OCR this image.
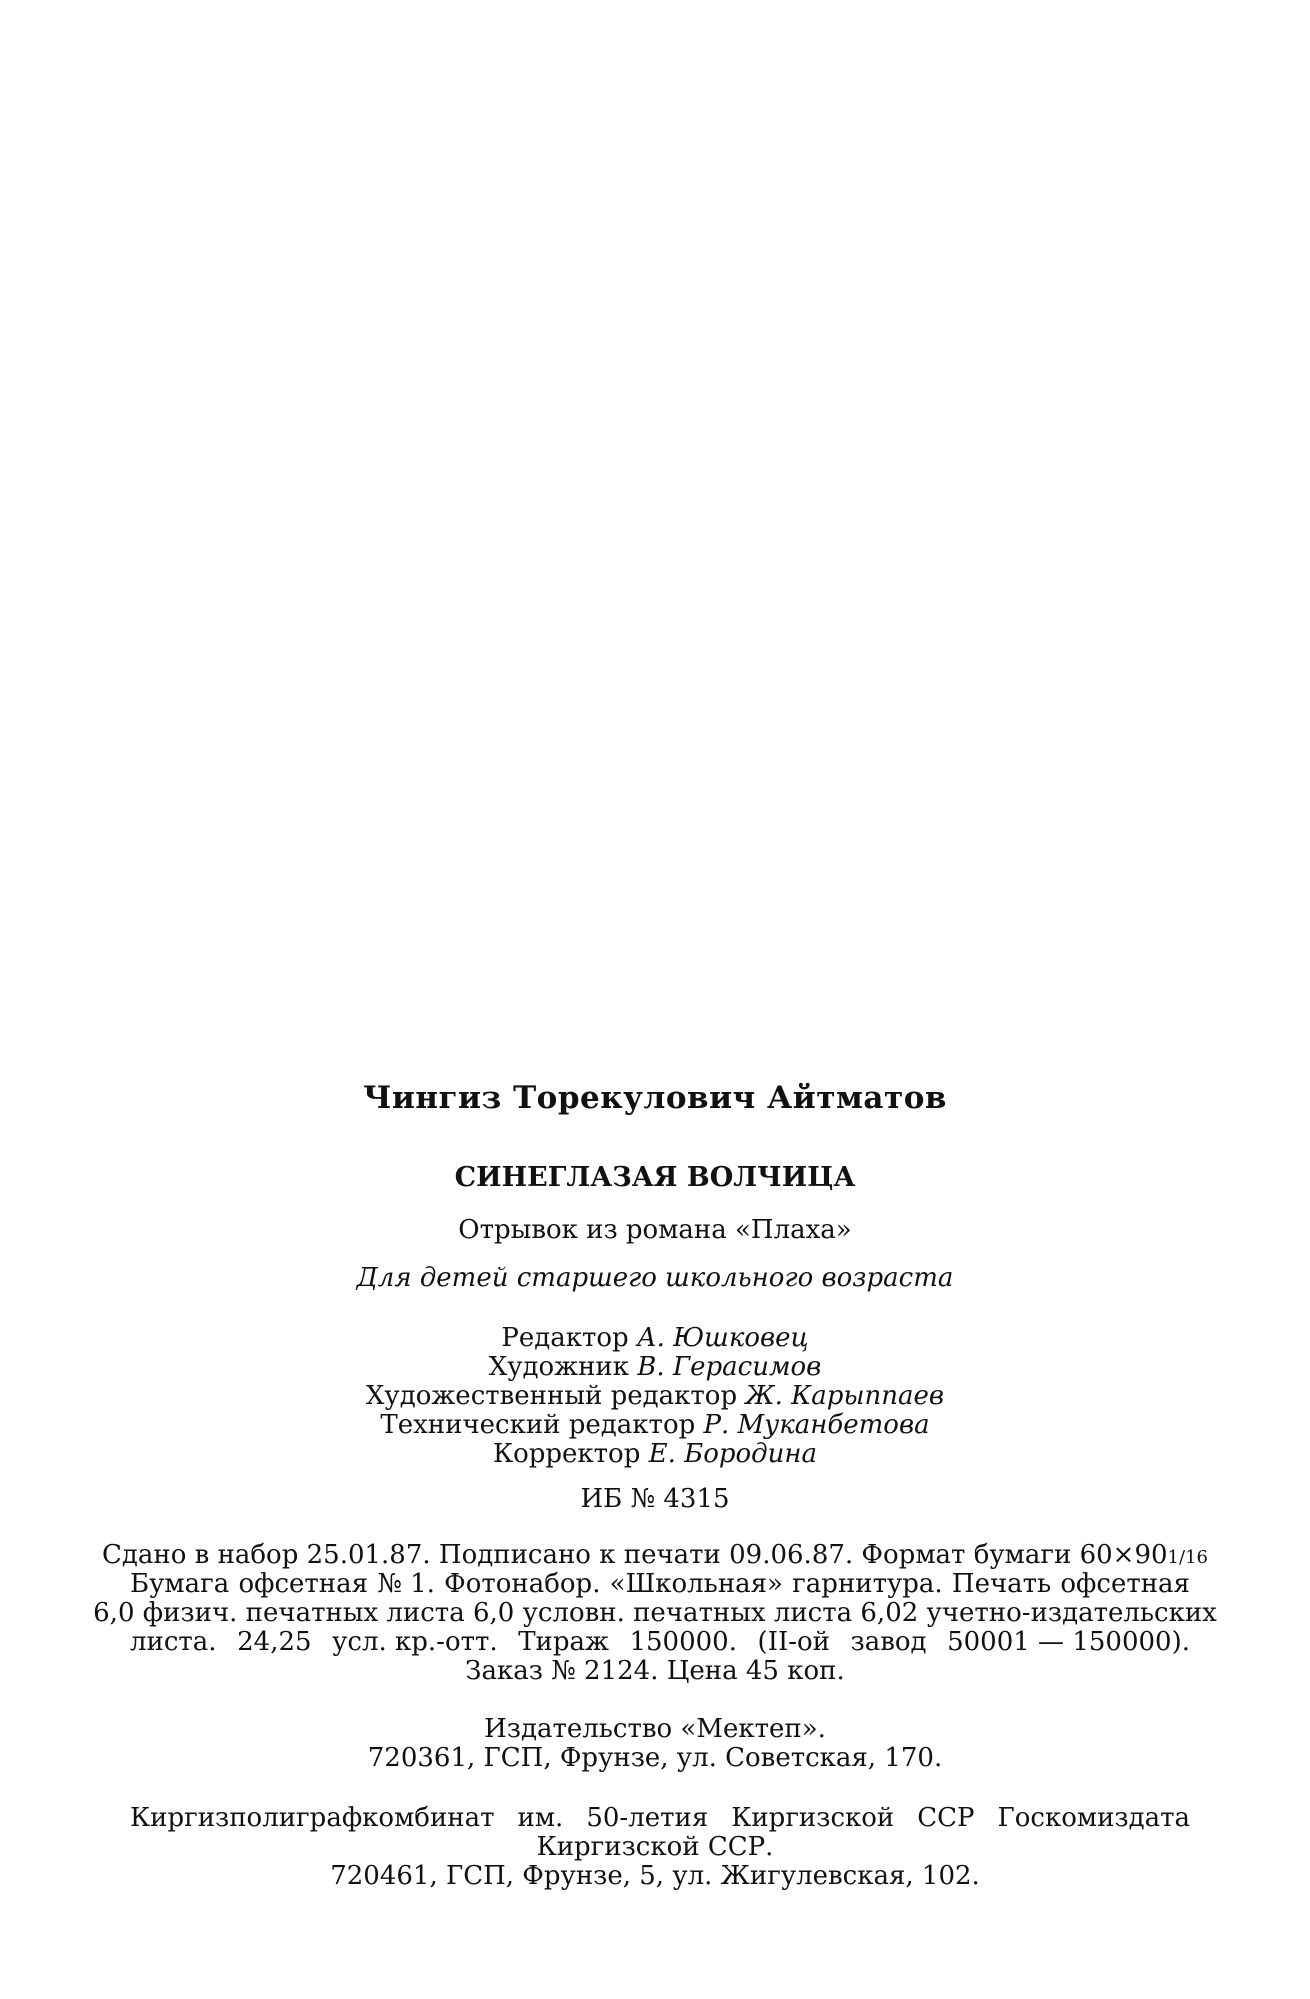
Чингиз Торекулович Айтматов
СИНЕГЛАЗАЯ ВОЛЧИЦА
Отрывок из романа «Плаха»
Для детей старшего школьного возраста
Редактор А. Юшковец
Художник В. Герасимов
Художественный редактор Ж. Карыппаев
Технический редактор Р. Муканбетова
Корректор Е. Бородина
ИБ № 4315
Сдано в набор 25.01.87. Подписано к печати 09.06.87. Формат бумаги 60×901/16
Бумага офсетная № 1. Фотонабор. «Школьная» гарнитура. Печать офсетная
6,0 физич. печатных листа 6,0 условн. печатных листа 6,02 учетно-издательских
листа. 24,25 усл. кр.-отт. Тираж 150000. (II-ой завод 50001 — 150000).
Заказ № 2124. Цена 45 коп.
Издательство «Мектеп».
720361, ГСП, Фрунзе, ул. Советская, 170.
Киргизполиграфкомбинат им. 50-летия Киргизской ССР Госкомиздата
Киргизской ССР.
720461, ГСП, Фрунзе, 5, ул. Жигулевская, 102.
